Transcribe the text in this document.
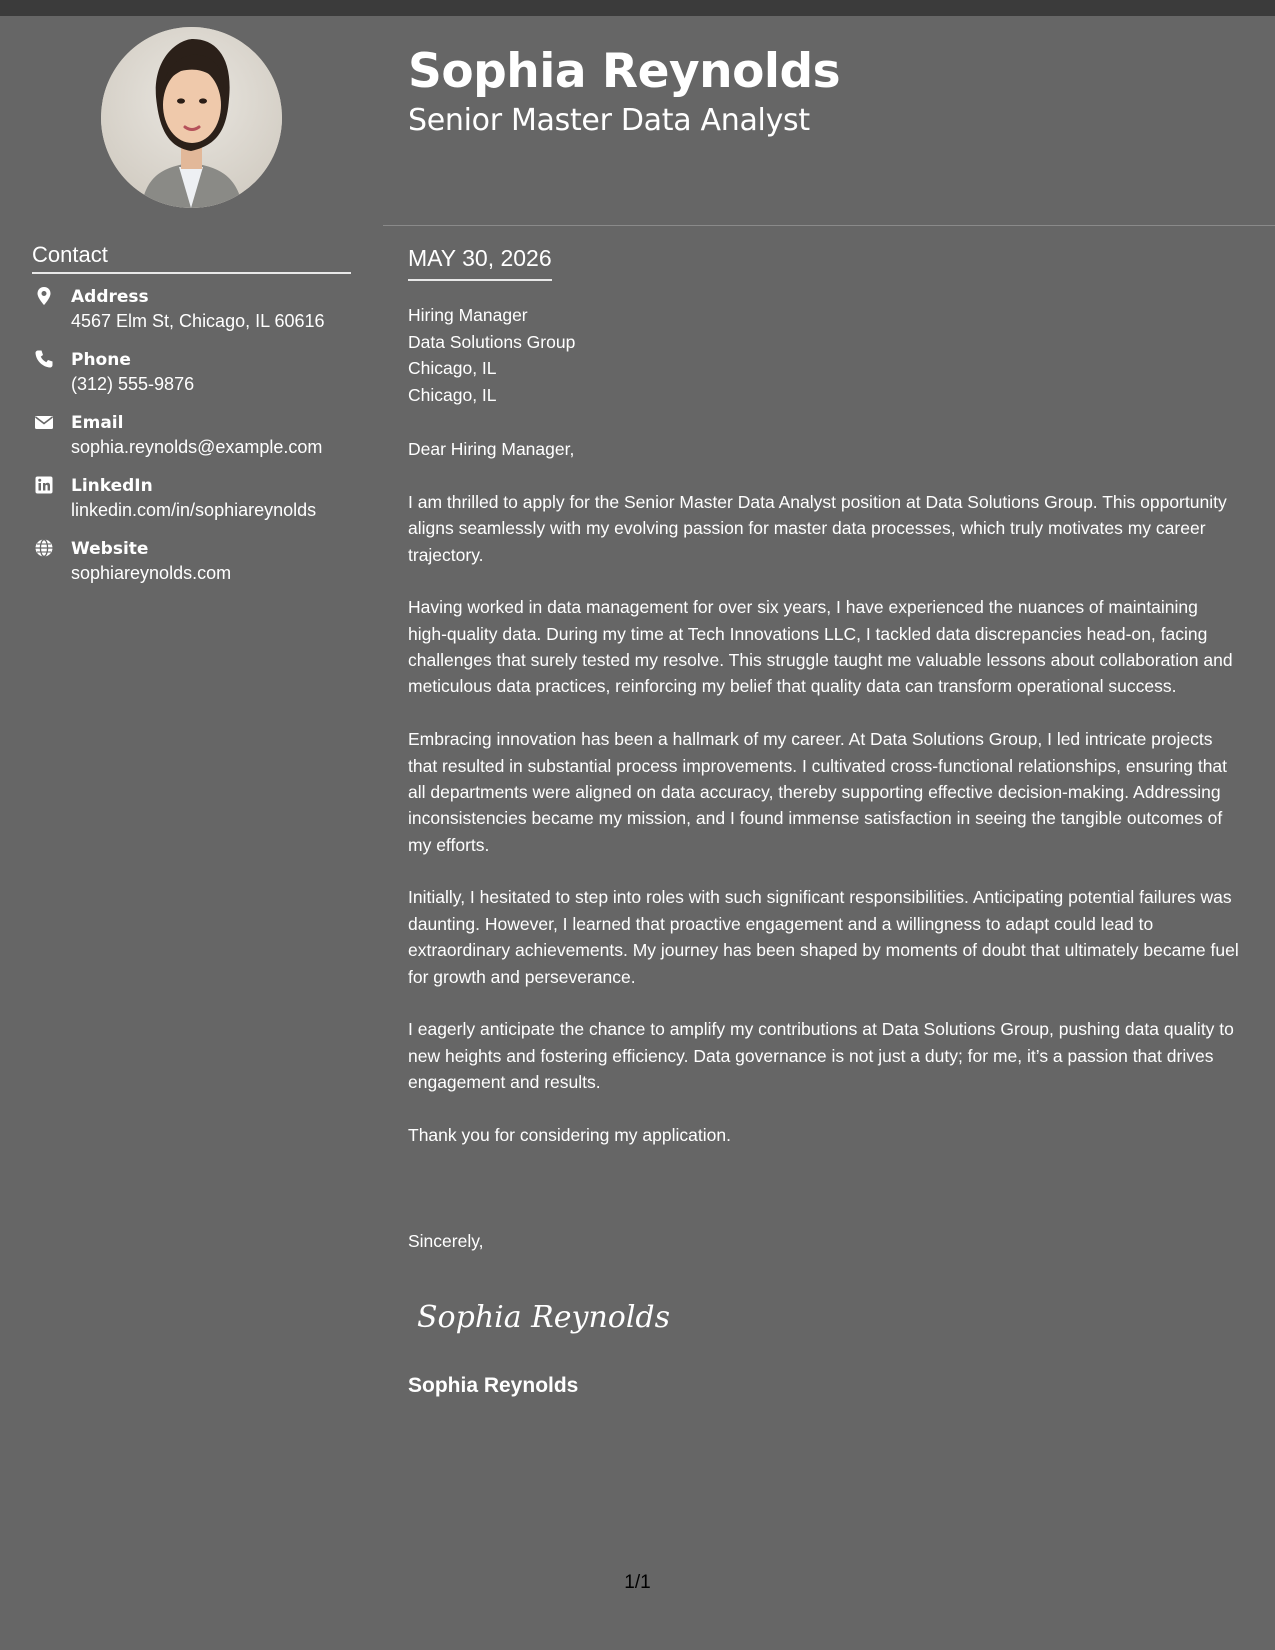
Sophia Reynolds
Senior Master Data Analyst
Contact
Address
4567 Elm St, Chicago, IL 60616
Phone
(312) 555-9876
Email
sophia.reynolds@example.com
LinkedIn
linkedin.com/in/sophiareynolds
Website
sophiareynolds.com
MAY 30, 2026
Hiring Manager
Data Solutions Group
Chicago, IL
Chicago, IL

Dear Hiring Manager,

I am thrilled to apply for the Senior Master Data Analyst position at Data Solutions Group. This opportunity aligns seamlessly with my evolving passion for master data processes, which truly motivates my career trajectory.

Having worked in data management for over six years, I have experienced the nuances of maintaining high-quality data. During my time at Tech Innovations LLC, I tackled data discrepancies head-on, facing challenges that surely tested my resolve. This struggle taught me valuable lessons about collaboration and meticulous data practices, reinforcing my belief that quality data can transform operational success.

Embracing innovation has been a hallmark of my career. At Data Solutions Group, I led intricate projects that resulted in substantial process improvements. I cultivated cross-functional relationships, ensuring that all departments were aligned on data accuracy, thereby supporting effective decision-making. Addressing inconsistencies became my mission, and I found immense satisfaction in seeing the tangible outcomes of my efforts.

Initially, I hesitated to step into roles with such significant responsibilities. Anticipating potential failures was daunting. However, I learned that proactive engagement and a willingness to adapt could lead to extraordinary achievements. My journey has been shaped by moments of doubt that ultimately became fuel for growth and perseverance.

I eagerly anticipate the chance to amplify my contributions at Data Solutions Group, pushing data quality to new heights and fostering efficiency. Data governance is not just a duty; for me, it’s a passion that drives engagement and results.

Thank you for considering my application.

Sincerely,
Sophia Reynolds
Sophia Reynolds
1/1
